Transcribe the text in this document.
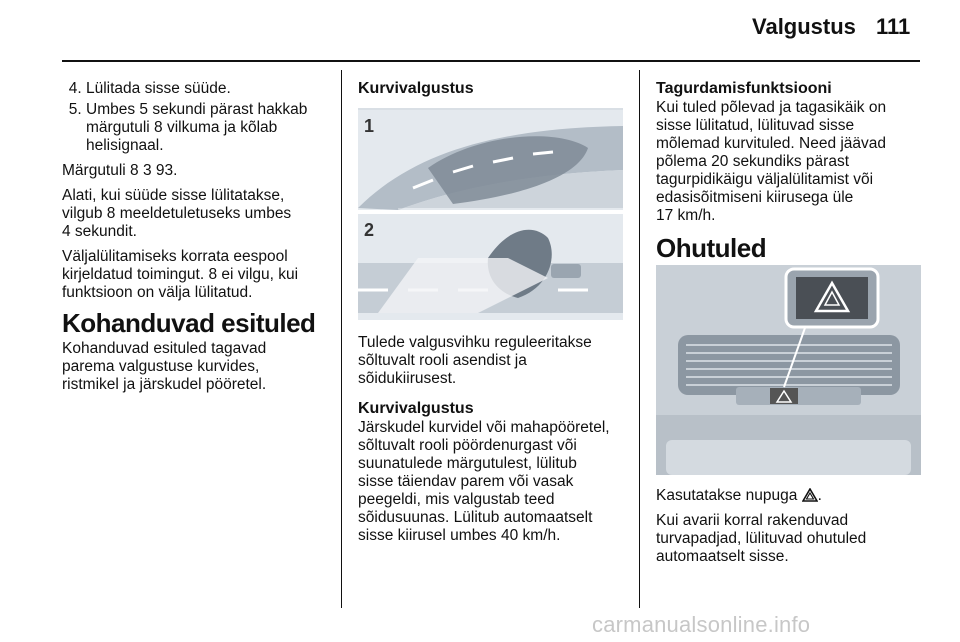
Valgustus 111
4. Lülitada sisse süüde.
5. Umbes 5 sekundi pärast hakkab
märgutuli 8 vilkuma ja kõlab
helisignaal.
Märgutuli 8 3 93.
Alati, kui süüde sisse lülitatakse,
vilgub 8 meeldetuletuseks umbes
4 sekundit.
Väljalülitamiseks korrata eespool
kirjeldatud toimingut. 8 ei vilgu, kui
funktsioon on välja lülitatud.
Kohanduvad esituled
Kohanduvad esituled tagavad
parema valgustuse kurvides,
ristmikel ja järskudel pööretel.
Kurvivalgustus
1
2
Tulede valgusvihku reguleeritakse
sõltuvalt rooli asendist ja
sõidukiirusest.
Kurvivalgustus
Järskudel kurvidel või mahapööretel,
sõltuvalt rooli pöördenurgast või
suunatulede märgutulest, lülitub
sisse täiendav parem või vasak
peegeldi, mis valgustab teed
sõidusuunas. Lülitub automaatselt
sisse kiirusel umbes 40 km/h.
Tagurdamisfunktsiooni
Kui tuled põlevad ja tagasikäik on
sisse lülitatud, lülituvad sisse
mõlemad kurvituled. Need jäävad
põlema 20 sekundiks pärast
tagurpidikäigu väljalülitamist või
edasisõitmiseni kiirusega üle
17 km/h.
Ohutuled
Kasutatakse nupuga .
Kui avarii korral rakenduvad
turvapadjad, lülituvad ohutuled
automaatselt sisse.
carmanualsonline.info
